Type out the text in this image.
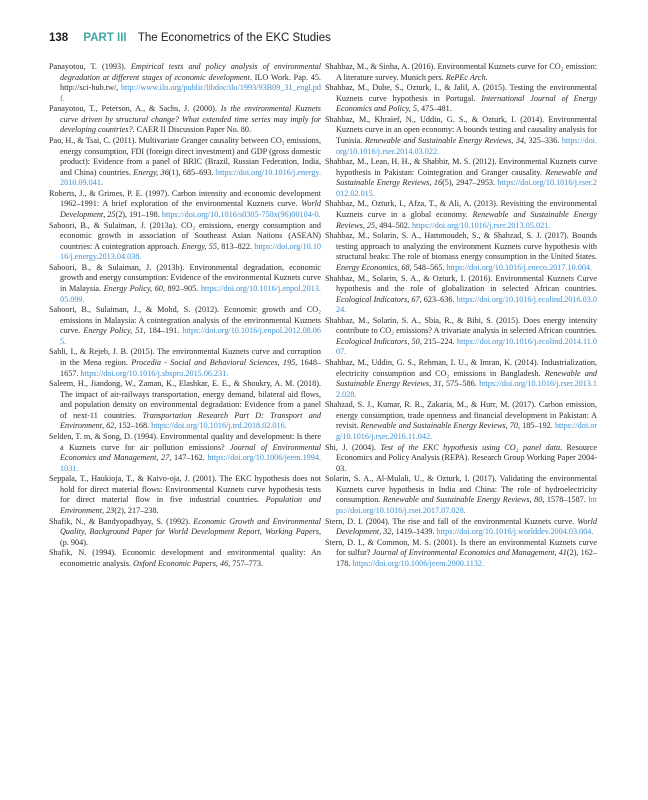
138 PART III The Econometrics of the EKC Studies

Panayotou, T. (1993). Empirical tests and policy analysis of environmental degradation at different stages of economic development. ILO Work. Pap. 45. http://sci-hub.tw/, http://www.ilo.org/public/libdoc/ilo/1993/93B09_31_engl.pdf.

Panayotou, T., Peterson, A., & Sachs, J. (2000). Is the environmental Kuznets curve driven by structural change? What extended time series may imply for developing countries?. CAER II Discussion Paper No. 80.

Pao, H., & Tsai, C. (2011). Multivariate Granger causality between CO₂ emissions, energy consumption, FDI (foreign direct investment) and GDP (gross domestic product): Evidence from a panel of BRIC (Brazil, Russian Federation, India, and China) countries. Energy, 36(1), 685–693. https://doi.org/10.1016/j.energy.2010.09.041.

Roberts, J., & Grimes, P. E. (1997). Carbon intensity and economic development 1962–1991: A brief exploration of the environmental Kuznets curve. World Development, 25(2), 191–198. https://doi.org/10.1016/s0305-750x(96)00104-0.

Saboori, B., & Sulaiman, J. (2013a). CO₂ emissions, energy consumption and economic growth in association of Southeast Asian Nations (ASEAN) countries: A cointegration approach. Energy, 55, 813–822. https://doi.org/10.1016/j.energy.2013.04.038.

Saboori, B., & Sulaiman, J. (2013b). Environmental degradation, economic growth and energy consumption: Evidence of the environmental Kuznets curve in Malaysia. Energy Policy, 60, 892–905. https://doi.org/10.1016/j.enpol.2013.05.099.

Saboori, B., Sulaiman, J., & Mohd, S. (2012). Economic growth and CO₂ emissions in Malaysia: A cointegration analysis of the environmental Kuznets curve. Energy Policy, 51, 184–191. https://doi.org/10.1016/j.enpol.2012.08.065.

Sahli, I., & Rejeb, J. B. (2015). The environmental Kuznets curve and corruption in the Mena region. Procedia - Social and Behavioral Sciences, 195, 1648–1657. https://doi.org/10.1016/j.sbspro.2015.06.231.

Saleem, H., Jiandong, W., Zaman, K., Elashkar, E. E., & Shoukry, A. M. (2018). The impact of air-railways transportation, energy demand, bilateral aid flows, and population density on environmental degradation: Evidence from a panel of next-11 countries. Transportation Research Part D: Transport and Environment, 62, 152–168. https://doi.org/10.1016/j.trd.2018.02.016.

Selden, T. m, & Song, D. (1994). Environmental quality and development: Is there a Kuznets curve for air pollution emissions? Journal of Environmental Economics and Management, 27, 147–162. https://doi.org/10.1006/jeem.1994.1031.

Seppala, T., Haukioja, T., & Kaivo-oja, J. (2001). The EKC hypothesis does not hold for direct material flows: Environmental Kuznets curve hypothesis tests for direct material flow in five industrial countries. Population and Environment, 23(2), 217–238.

Shafik, N., & Bandyopadhyay, S. (1992). Economic Growth and Environmental Quality, Background Paper for World Development Report, Working Papers, (p. 904).

Shafik, N. (1994). Economic development and environmental quality: An econometric analysis. Oxford Economic Papers, 46, 757–773.

Shahbaz, M., & Sinha, A. (2016). Environmental Kuznets curve for CO₂ emission: A literature survey. Munich pers. RePEc Arch.

Shahbaz, M., Dube, S., Ozturk, I., & Jalil, A. (2015). Testing the environmental Kuznets curve hypothesis in Portugal. International Journal of Energy Economics and Policy, 5, 475–481.

Shahbaz, M., Khraief, N., Uddin, G. S., & Ozturk, I. (2014). Environmental Kuznets curve in an open economy: A bounds testing and causality analysis for Tunisia. Renewable and Sustainable Energy Reviews, 34, 325–336. https://doi.org/10.1016/j.rser.2014.03.022.

Shahbaz, M., Lean, H. H., & Shabbir, M. S. (2012). Environmental Kuznets curve hypothesis in Pakistan: Cointegration and Granger causality. Renewable and Sustainable Energy Reviews, 16(5), 2947–2953. https://doi.org/10.1016/j.rser.2012.02.015.

Shahbaz, M., Ozturk, I., Afza, T., & Ali, A. (2013). Revisiting the environmental Kuznets curve in a global economy. Renewable and Sustainable Energy Reviews, 25, 494–502. https://doi.org/10.1016/j.rser.2013.05.021.

Shahbaz, M., Solarin, S. A., Hammoudeh, S., & Shahzad, S. J. (2017). Bounds testing approach to analyzing the environment Kuznets curve hypothesis with structural beaks: The role of biomass energy consumption in the United States. Energy Economics, 68, 548–565. https://doi.org/10.1016/j.eneco.2017.10.004.

Shahbaz, M., Solarin, S. A., & Ozturk, I. (2016). Environmental Kuznets Curve hypothesis and the role of globalization in selected African countries. Ecological Indicators, 67, 623–636. https://doi.org/10.1016/j.ecolind.2016.03.024.

Shahbaz, M., Solarin, S. A., Sbia, R., & Bibi, S. (2015). Does energy intensity contribute to CO₂ emissions? A trivariate analysis in selected African countries. Ecological Indicators, 50, 215–224. https://doi.org/10.1016/j.ecolind.2014.11.007.

Shahbaz, M., Uddin, G. S., Rehman, I. U., & Imran, K. (2014). Industrialization, electricity consumption and CO₂ emissions in Bangladesh. Renewable and Sustainable Energy Reviews, 31, 575–586. https://doi.org/10.1016/j.rser.2013.12.028.

Shahzad, S. J., Kumar, R. R., Zakaria, M., & Hurr, M. (2017). Carbon emission, energy consumption, trade openness and financial development in Pakistan: A revisit. Renewable and Sustainable Energy Reviews, 70, 185–192. https://doi.org/10.1016/j.rser.2016.11.042.

Shi, J. (2004). Test of the EKC hypothesis using CO₂ panel data. Resource Economics and Policy Analysis (REPA). Research Group Working Paper 2004-03.

Solarin, S. A., Al-Mulali, U., & Ozturk, I. (2017). Validating the environmental Kuznets curve hypothesis in India and China: The role of hydroelectricity consumption. Renewable and Sustainable Energy Reviews, 80, 1578–1587. https://doi.org/10.1016/j.rser.2017.07.028.

Stern, D. I. (2004). The rise and fall of the environmental Kuznets curve. World Development, 32, 1419–1439. https://doi.org/10.1016/j.worlddev.2004.03.004.

Stern, D. I., & Common, M. S. (2001). Is there an environmental Kuznets curve for sulfur? Journal of Environmental Economics and Management, 41(2), 162–178. https://doi.org/10.1006/jeem.2000.1132.
